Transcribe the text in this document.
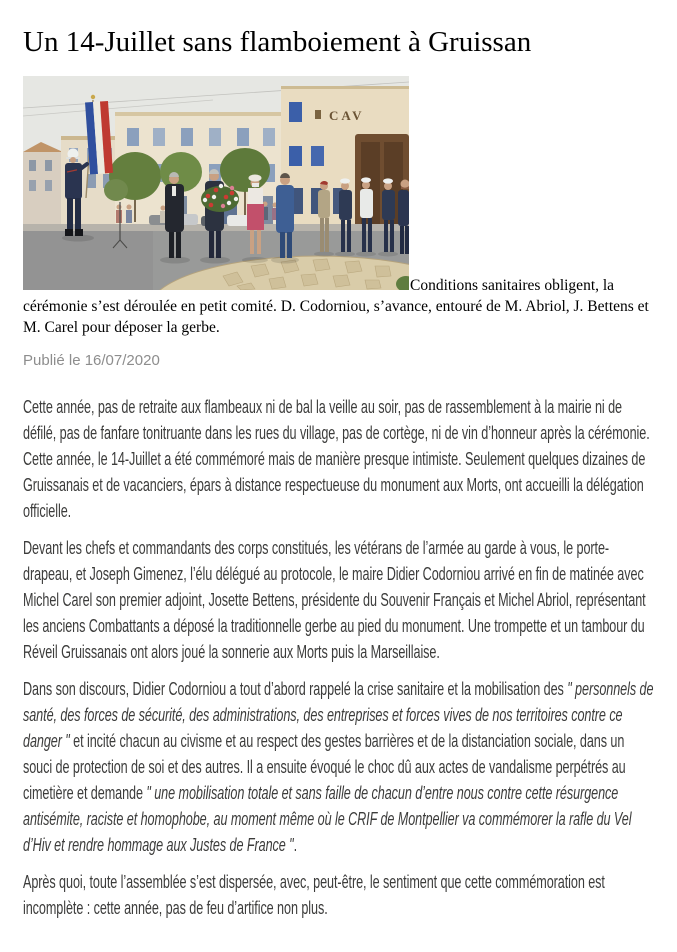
Un 14-Juillet sans flamboiement à Gruissan

CAV
Conditions sanitaires obligent, la cérémonie s’est déroulée en petit comité. D. Codorniou, s’avance, entouré de M. Abriol, J. Bettens et M. Carel pour déposer la gerbe.

Publié le 16/07/2020

Cette année, pas de retraite aux flambeaux ni de bal la veille au soir, pas de rassemblement à la mairie ni de défilé, pas de fanfare tonitruante dans les rues du village, pas de cortège, ni de vin d’honneur après la cérémonie. Cette année, le 14-Juillet a été commémoré mais de manière presque intimiste. Seulement quelques dizaines de Gruissanais et de vacanciers, épars à distance respectueuse du monument aux Morts, ont accueilli la délégation officielle.

Devant les chefs et commandants des corps constitués, les vétérans de l’armée au garde à vous, le porte-drapeau, et Joseph Gimenez, l’élu délégué au protocole, le maire Didier Codorniou arrivé en fin de matinée avec Michel Carel son premier adjoint, Josette Bettens, présidente du Souvenir Français et Michel Abriol, représentant les anciens Combattants a déposé la traditionnelle gerbe au pied du monument. Une trompette et un tambour du Réveil Gruissanais ont alors joué la sonnerie aux Morts puis la Marseillaise.

Dans son discours, Didier Codorniou a tout d’abord rappelé la crise sanitaire et la mobilisation des " personnels de santé, des forces de sécurité, des administrations, des entreprises et forces vives de nos territoires contre ce danger " et incité chacun au civisme et au respect des gestes barrières et de la distanciation sociale, dans un souci de protection de soi et des autres. Il a ensuite évoqué le choc dû aux actes de vandalisme perpétrés au cimetière et demande " une mobilisation totale et sans faille de chacun d’entre nous contre cette résurgence antisémite, raciste et homophobe, au moment même où le CRIF de Montpellier va commémorer la rafle du Vel d’Hiv et rendre hommage aux Justes de France ".

Après quoi, toute l’assemblée s’est dispersée, avec, peut-être, le sentiment que cette commémoration est incomplète : cette année, pas de feu d’artifice non plus.
